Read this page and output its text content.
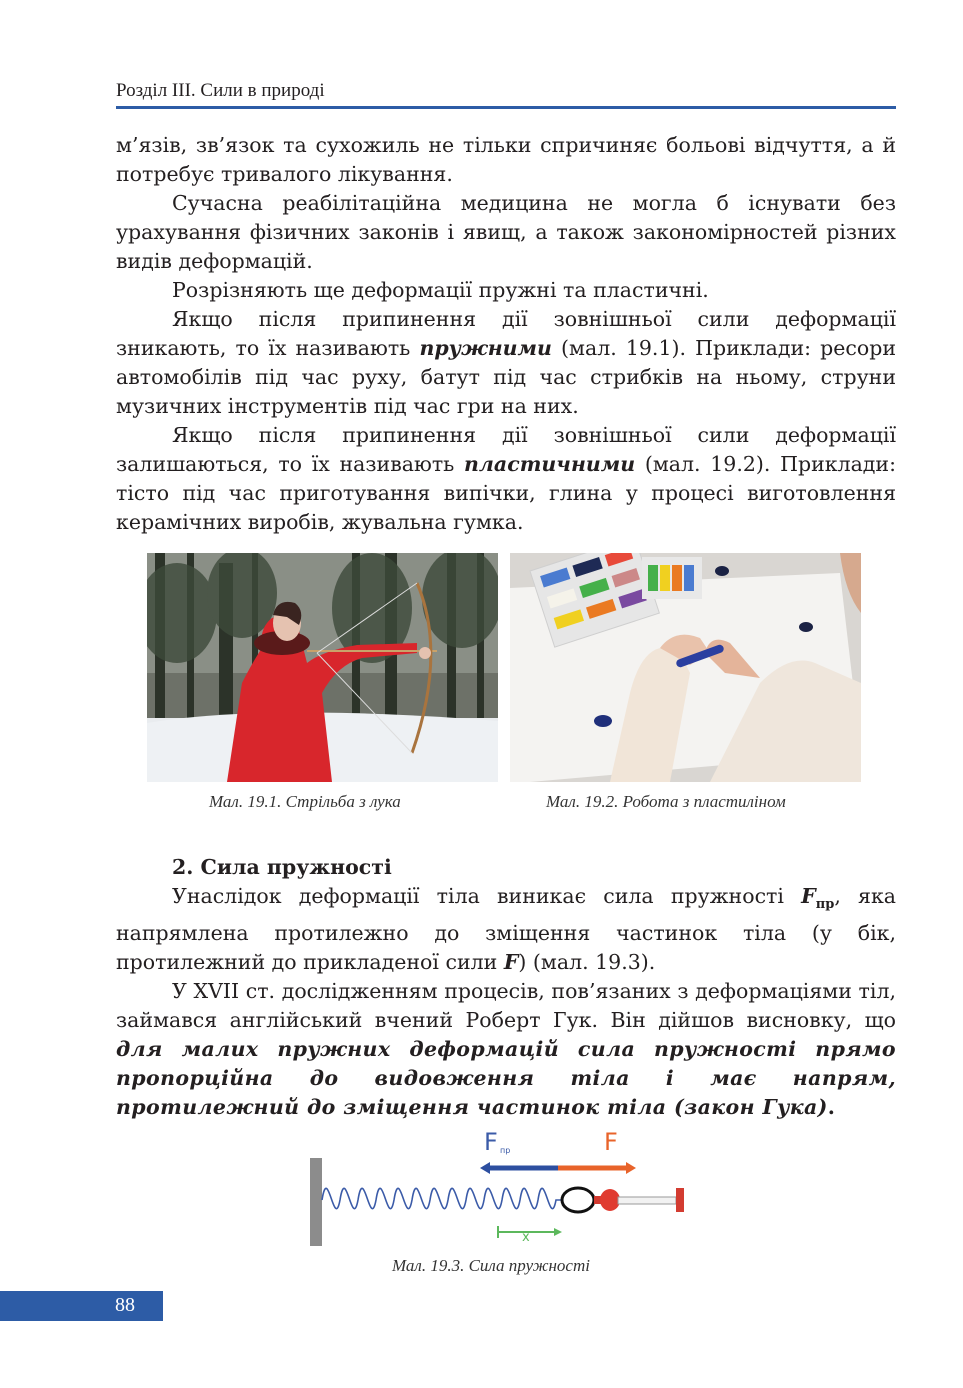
Розділ III. Сили в природі

м’язів, зв’язок та сухожиль не тільки спричиняє больові відчуття, а й потребує тривалого лікування.

Сучасна реабілітаційна медицина не могла б існувати без урахування фізичних законів і явищ, а також закономірностей різних видів деформацій.

Розрізняють ще деформації пружні та пластичні.

Якщо після припинення дії зовнішньої сили деформації зникають, то їх називають пружними (мал. 19.1). Приклади: ресори автомобілів під час руху, батут під час стрибків на ньому, струни музичних інструментів під час гри на них.

Якщо після припинення дії зовнішньої сили деформації залишаються, то їх називають пластичними (мал. 19.2). Приклади: тісто під час приготування випічки, глина у процесі виготовлення керамічних виробів, жувальна гумка.

Мал. 19.1. Стрільба з лука	Мал. 19.2. Робота з пластиліном

2. Сила пружності

Унаслідок деформації тіла виникає сила пружності $F_{пр}$, яка напрямлена протилежно до зміщення частинок тіла (у бік, протилежний до прикладеної сили F) (мал. 19.3).

У XVII ст. дослідженням процесів, пов’язаних з деформаціями тіл, займався англійський вчений Роберт Гук. Він дійшов висновку, що для малих пружних деформацій сила пружності прямо пропорційна до видовження тіла і має напрям, протилежний до зміщення частинок тіла (закон Гука).

F пр	F
x
Мал. 19.3. Сила пружності
88
